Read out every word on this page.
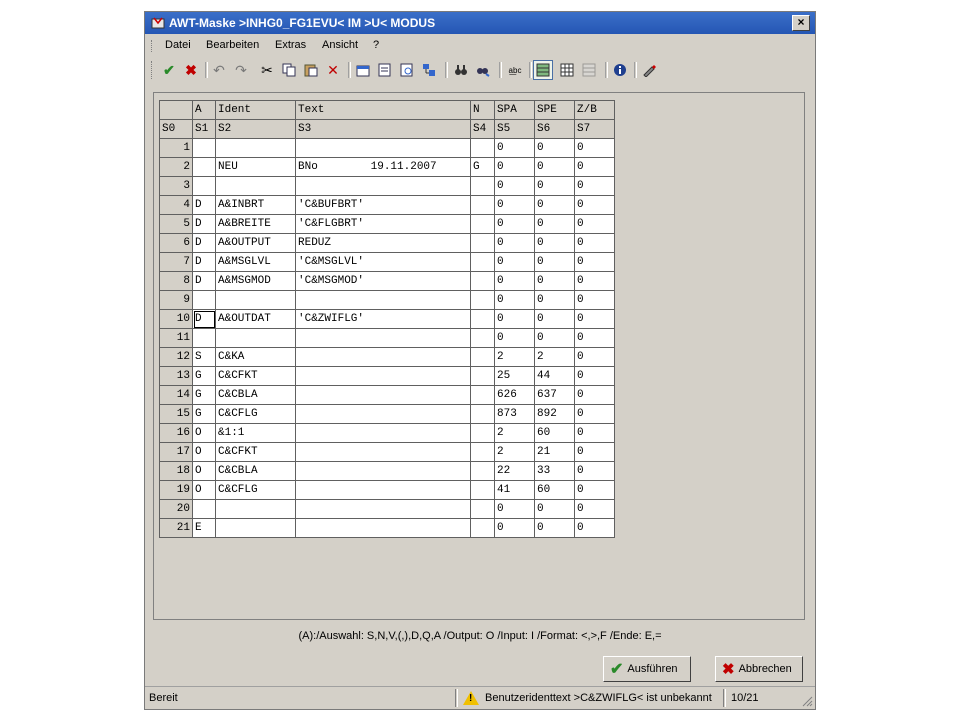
AWT-Maske >INHG0_FG1EVU< IM >U< MODUS	×
Datei Bearbeiten Extras Ansicht ?
✔ ✖ ↶ ↷ ✂	✕	a͟bc
	A	Ident	Text	N	SPA	SPE	Z/B
S0	S1	S2	S3	S4	S5	S6	S7
1					0	0	0
2		NEU	BNo        19.11.2007	G	0	0	0
3					0	0	0
4	D	A&INBRT	'C&BUFBRT'		0	0	0
5	D	A&BREITE	'C&FLGBRT'		0	0	0
6	D	A&OUTPUT	REDUZ		0	0	0
7	D	A&MSGLVL	'C&MSGLVL'		0	0	0
8	D	A&MSGMOD	'C&MSGMOD'		0	0	0
9					0	0	0
10	D	A&OUTDAT	'C&ZWIFLG'		0	0	0
11					0	0	0
12	S	C&KA			2	2	0
13	G	C&CFKT			25	44	0
14	G	C&CBLA			626	637	0
15	G	C&CFLG			873	892	0
16	O	&1:1			2	60	0
17	O	C&CFKT			2	21	0
18	O	C&CBLA			22	33	0
19	O	C&CFLG			41	60	0
20					0	0	0
21	E				0	0	0
(A):/Auswahl: S,N,V,(,),D,Q,A /Output: O /Input: I /Format: <,>,F /Ende: E,=
✔ Ausführen	✖ Abbrechen
Bereit	! Benutzeridenttext >C&ZWIFLG< ist unbekannt 10/21
